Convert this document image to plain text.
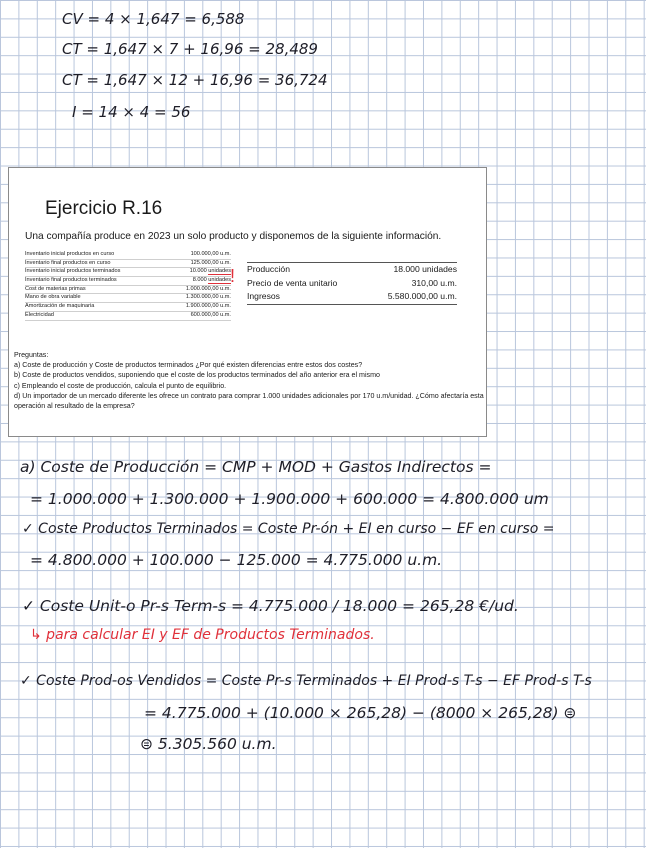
CV = 4 × 1,647 = 6,588
CT = 1,647 × 7 + 16,96 = 28,489
CT = 1,647 × 12 + 16,96 = 36,724
I = 14 × 4 = 56
Ejercicio R.16
Una compañía produce en 2023 un solo producto y disponemos de la siguiente información.
Inventario inicial productos en curso	100.000,00 u.m.
Inventario final productos en curso	125.000,00 u.m.
Inventario inicial productos terminados	10.000 unidades
Inventario final productos terminados	8.000 unidades
Cost de materias primas	1.000.000,00 u.m.
Mano de obra variable	1.300.000,00 u.m.
Amortización de maquinaria	1.900.000,00 u.m.
Electricidad	600.000,00 u.m.
! Producción	18.000 unidades
Precio de venta unitario	310,00 u.m.
Ingresos	5.580.000,00 u.m.
Preguntas:
a) Coste de producción y Coste de productos terminados ¿Por qué existen diferencias entre estos dos costes?
b) Coste de productos vendidos, suponiendo que el coste de los productos terminados del año anterior era el mismo
c) Empleando el coste de producción, calcula el punto de equilibrio.
d) Un importador de un mercado diferente les ofrece un contrato para comprar 1.000 unidades adicionales por 170 u.m/unidad. ¿Cómo afectaría esta operación al resultado de la empresa?
a) Coste de Producción = CMP + MOD + Gastos Indirectos =
= 1.000.000 + 1.300.000 + 1.900.000 + 600.000 = 4.800.000 um
✓ Coste Productos Terminados = Coste Pr-ón + EI en curso − EF en curso =
= 4.800.000 + 100.000 − 125.000 = 4.775.000 u.m.
✓ Coste Unit-o Pr-s Term-s = 4.775.000 / 18.000 = 265,28 €/ud.
↳ para calcular EI y EF de Productos Terminados.
✓ Coste Prod-os Vendidos = Coste Pr-s Terminados + EI Prod-s T-s − EF Prod-s T-s
= 4.775.000 + (10.000 × 265,28) − (8000 × 265,28) ⊜
⊜ 5.305.560 u.m.
